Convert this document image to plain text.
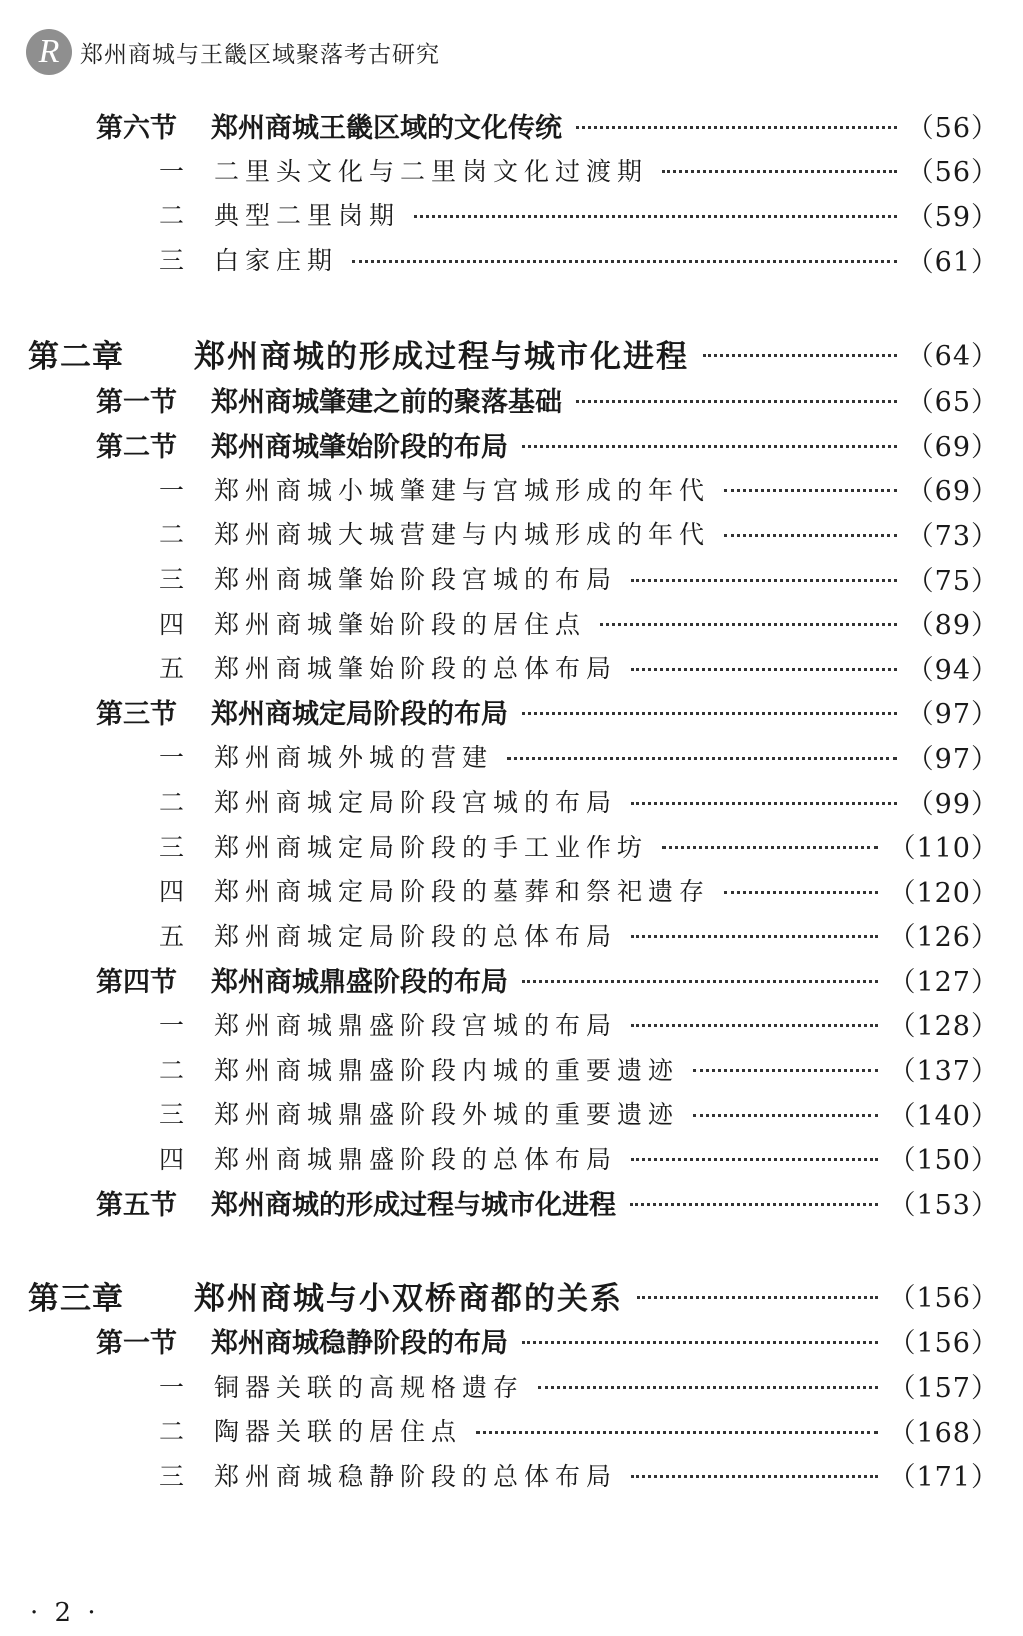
R 郑州商城与王畿区域聚落考古研究
第六节	郑州商城王畿区域的文化传统	（56）
一	二里头文化与二里岗文化过渡期	（56）
二	典型二里岗期	（59）
三	白家庄期	（61）
第二章	郑州商城的形成过程与城市化进程	（64）
第一节	郑州商城肇建之前的聚落基础	（65）
第二节	郑州商城肇始阶段的布局	（69）
一	郑州商城小城肇建与宫城形成的年代	（69）
二	郑州商城大城营建与内城形成的年代	（73）
三	郑州商城肇始阶段宫城的布局	（75）
四	郑州商城肇始阶段的居住点	（89）
五	郑州商城肇始阶段的总体布局	（94）
第三节	郑州商城定局阶段的布局	（97）
一	郑州商城外城的营建	（97）
二	郑州商城定局阶段宫城的布局	（99）
三	郑州商城定局阶段的手工业作坊	（110）
四	郑州商城定局阶段的墓葬和祭祀遗存	（120）
五	郑州商城定局阶段的总体布局	（126）
第四节	郑州商城鼎盛阶段的布局	（127）
一	郑州商城鼎盛阶段宫城的布局	（128）
二	郑州商城鼎盛阶段内城的重要遗迹	（137）
三	郑州商城鼎盛阶段外城的重要遗迹	（140）
四	郑州商城鼎盛阶段的总体布局	（150）
第五节	郑州商城的形成过程与城市化进程	（153）
第三章	郑州商城与小双桥商都的关系	（156）
第一节	郑州商城稳静阶段的布局	（156）
一	铜器关联的高规格遗存	（157）
二	陶器关联的居住点	（168）
三	郑州商城稳静阶段的总体布局	（171）
· 2 ·
